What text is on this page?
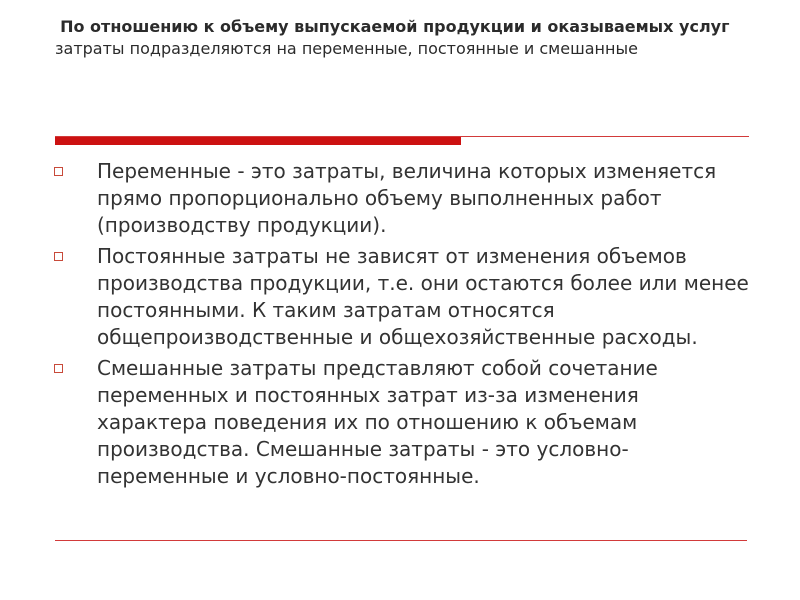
По отношению к объему выпускаемой продукции и оказываемых услуг затраты подразделяются на переменные, постоянные и смешанные
Переменные - это затраты, величина которых изменяется прямо пропорционально объему выполненных работ (производству продукции).
Постоянные затраты не зависят от изменения объемов производства продукции, т.е. они остаются более или менее постоянными. К таким затратам относятся общепроизводственные и общехозяйственные расходы.
Смешанные затраты представляют собой сочетание переменных и постоянных затрат из-за изменения характера поведения их по отношению к объемам производства. Смешанные затраты - это условно-переменные и условно-постоянные.
